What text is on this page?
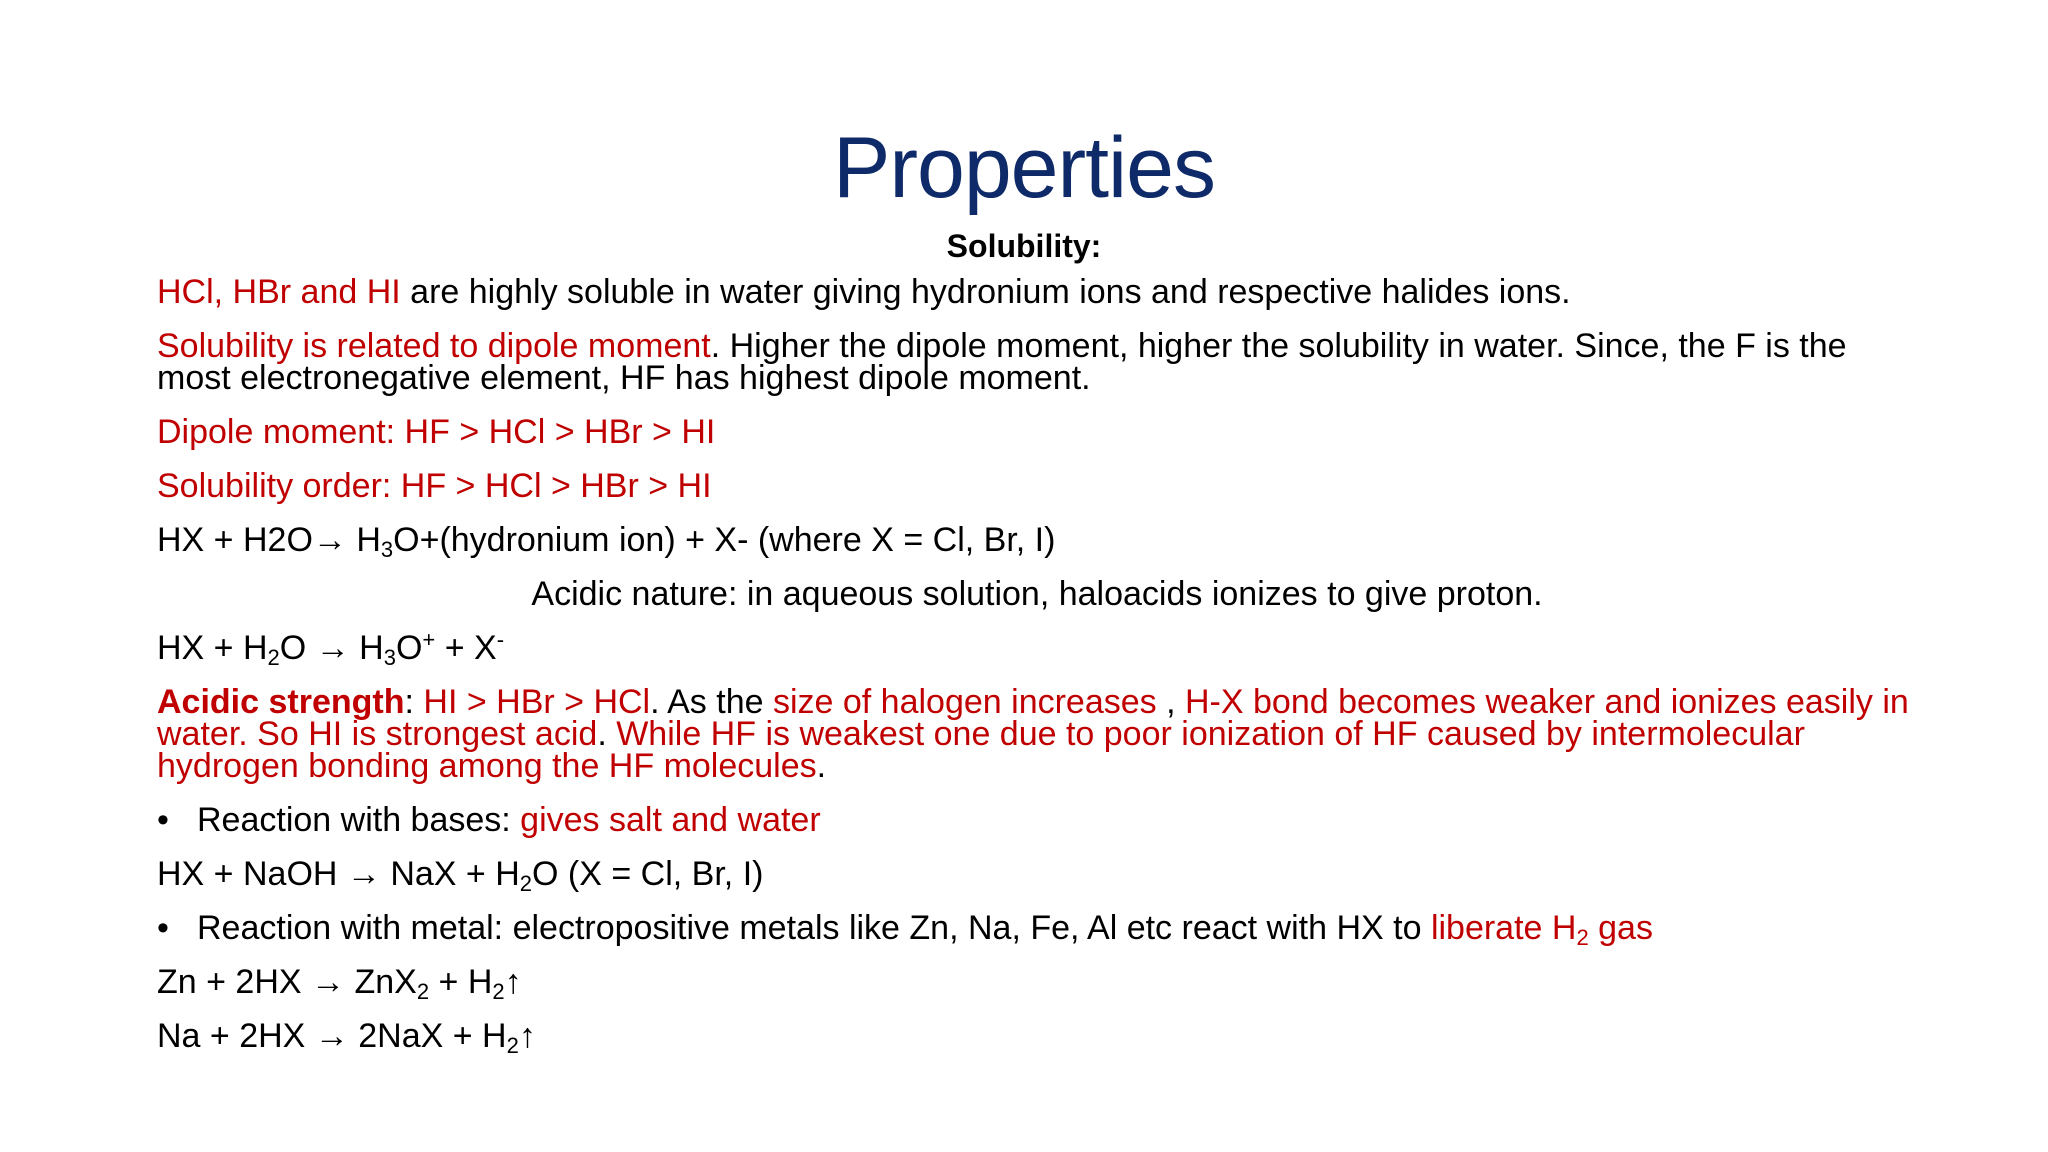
Properties
Solubility:
HCl, HBr and HI are highly soluble in water giving hydronium ions and respective halides ions.
Solubility is related to dipole moment. Higher the dipole moment, higher the solubility in water. Since, the F is the most electronegative element, HF has highest dipole moment.
Dipole moment: HF > HCl > HBr > HI
Solubility order: HF > HCl > HBr > HI
HX + $H2O\to H_3O+(hydronium$ ion) + X- (where X = Cl, Br, I)
Acidic nature: in aqueous solution, haloacids ionizes to give proton.
HX + $H_2O \to H_3O^+ + X^-$
Acidic strength: HI > HBr > HCl. As the size of halogen increases , H-X bond becomes weaker and ionizes easily in water. So HI is strongest acid. While HF is weakest one due to poor ionization of HF caused by intermolecular hydrogen bonding among the HF molecules.
• Reaction with bases: gives salt and water
HX + NaOH → NaX + $H_2O$ (X = Cl, Br, I)
• Reaction with metal: electropositive metals like Zn, Na, Fe, Al etc react with HX to liberate $H_2$ gas
$Zn + 2HX \to ZnX_2 + H_2↑$
$Na + 2HX \to 2NaX + H_2↑$
